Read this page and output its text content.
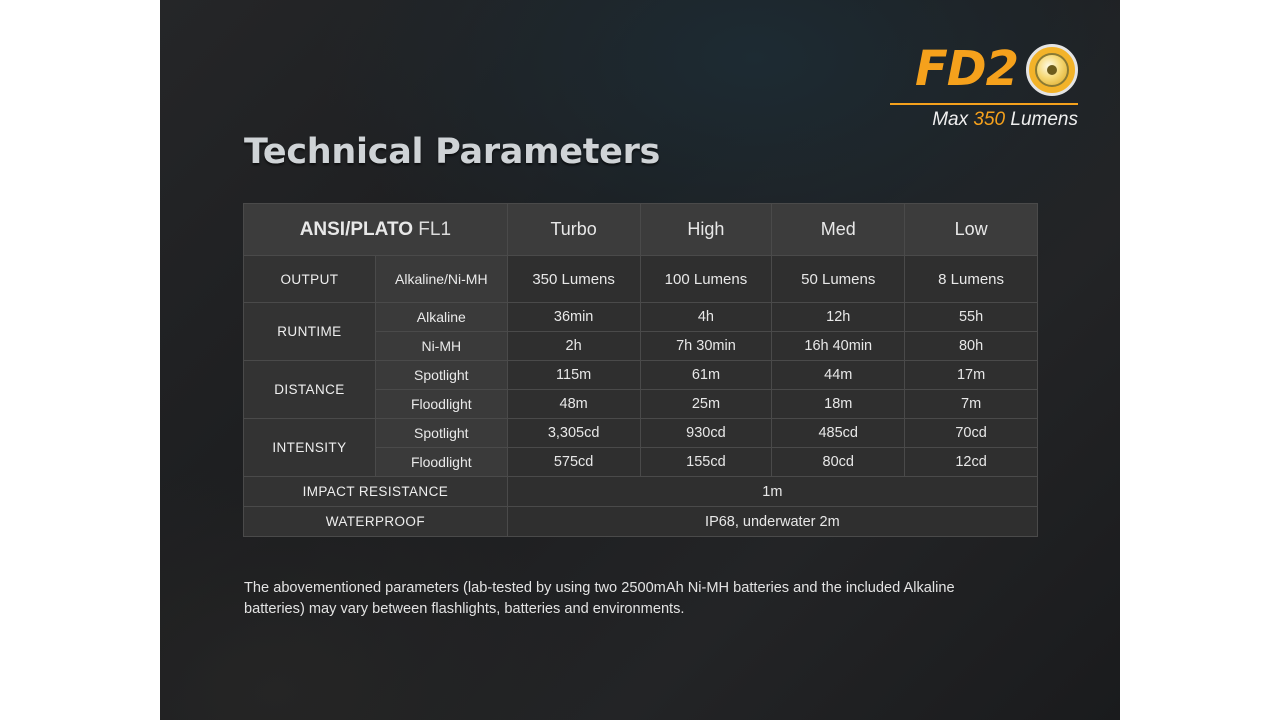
FD2
Max 350 Lumens
Technical Parameters
ANSI/PLATO FL1		Turbo	High	Med	Low
OUTPUT	Alkaline/Ni-MH	350 Lumens	100 Lumens	50 Lumens	8 Lumens
RUNTIME	Alkaline	36min	4h	12h	55h
	Ni-MH	2h	7h 30min	16h 40min	80h
DISTANCE	Spotlight	115m	61m	44m	17m
	Floodlight	48m	25m	18m	7m
INTENSITY	Spotlight	3,305cd	930cd	485cd	70cd
	Floodlight	575cd	155cd	80cd	12cd
IMPACT RESISTANCE		1m			
WATERPROOF		IP68, underwater 2m			
The abovementioned parameters (lab-tested by using two 2500mAh Ni-MH batteries and the included Alkaline batteries) may vary between flashlights, batteries and environments.
